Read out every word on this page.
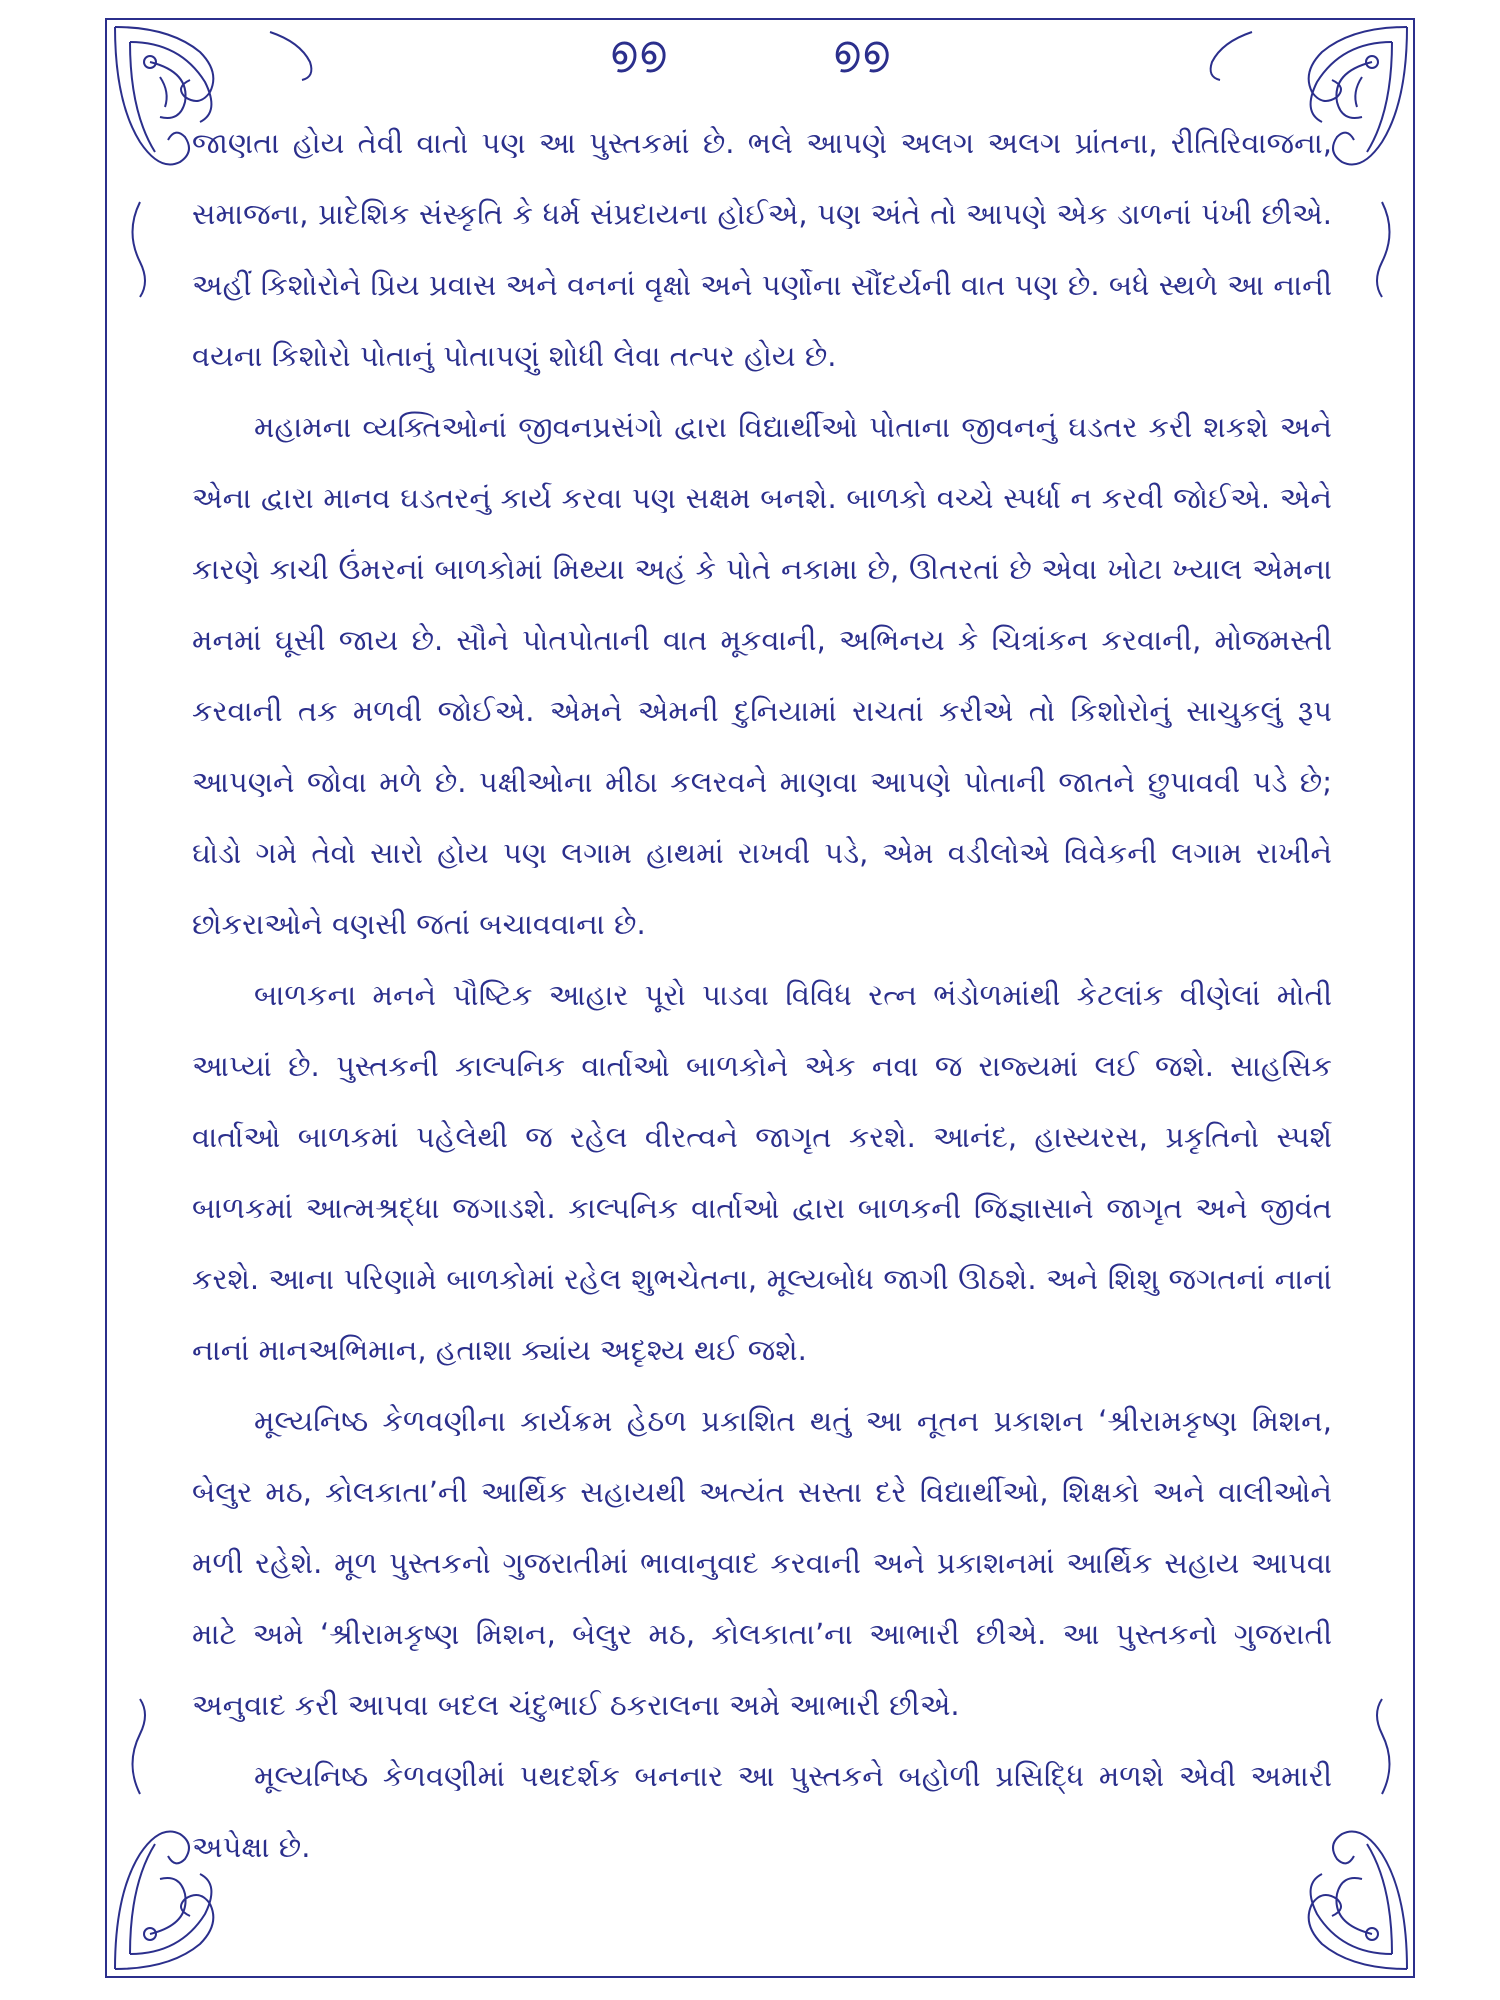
൭൭	൭൭

જાણતા હોય તેવી વાતો પણ આ પુસ્તકમાં છે. ભલે આપણે અલગ અલગ પ્રાંતના, રીતિરિવાજના, સમાજના, પ્રાદેશિક સંસ્કૃતિ કે ધર્મ સંપ્રદાયના હોઈએ, પણ અંતે તો આપણે એક ડાળનાં પંખી છીએ. અહીં કિશોરોને પ્રિય પ્રવાસ અને વનનાં વૃક્ષો અને પર્ણોના સૌંદર્યની વાત પણ છે. બધે સ્થળે આ નાની વયના કિશોરો પોતાનું પોતાપણું શોધી લેવા તત્પર હોય છે.

મહામના વ્યક્તિઓનાં જીવનપ્રસંગો દ્વારા વિદ્યાર્થીઓ પોતાના જીવનનું ઘડતર કરી શકશે અને એના દ્વારા માનવ ઘડતરનું કાર્ય કરવા પણ સક્ષમ બનશે. બાળકો વચ્ચે સ્પર્ધા ન કરવી જોઈએ. એને કારણે કાચી ઉંમરનાં બાળકોમાં મિથ્યા અહં કે પોતે નકામા છે, ઊતરતાં છે એવા ખોટા ખ્યાલ એમના મનમાં ઘૂસી જાય છે. સૌને પોતપોતાની વાત મૂકવાની, અભિનય કે ચિત્રાંકન કરવાની, મોજમસ્તી કરવાની તક મળવી જોઈએ. એમને એમની દુનિયામાં રાચતાં કરીએ તો કિશોરોનું સાચુકલું રૂપ આપણને જોવા મળે છે. પક્ષીઓના મીઠા કલરવને માણવા આપણે પોતાની જાતને છુપાવવી પડે છે; ઘોડો ગમે તેવો સારો હોય પણ લગામ હાથમાં રાખવી પડે, એમ વડીલોએ વિવેકની લગામ રાખીને છોકરાઓને વણસી જતાં બચાવવાના છે.

બાળકના મનને પૌષ્ટિક આહાર પૂરો પાડવા વિવિધ રત્ન ભંડોળમાંથી કેટલાંક વીણેલાં મોતી આપ્યાં છે. પુસ્તકની કાલ્પનિક વાર્તાઓ બાળકોને એક નવા જ રાજ્યમાં લઈ જશે. સાહસિક વાર્તાઓ બાળકમાં પહેલેથી જ રહેલ વીરત્વને જાગૃત કરશે. આનંદ, હાસ્યરસ, પ્રકૃતિનો સ્પર્શ બાળકમાં આત્મશ્રદ્ધા જગાડશે. કાલ્પનિક વાર્તાઓ દ્વારા બાળકની જિજ્ઞાસાને જાગૃત અને જીવંત કરશે. આના પરિણામે બાળકોમાં રહેલ શુભચેતના, મૂલ્યબોધ જાગી ઊઠશે. અને શિશુ જગતનાં નાનાં નાનાં માનઅભિમાન, હતાશા ક્યાંય અદૃશ્ય થઈ જશે.

મૂલ્યનિષ્ઠ કેળવણીના કાર્યક્રમ હેઠળ પ્રકાશિત થતું આ નૂતન પ્રકાશન ‘શ્રીરામકૃષ્ણ મિશન, બેલુર મઠ, કોલકાતા’ની આર્થિક સહાયથી અત્યંત સસ્તા દરે વિદ્યાર્થીઓ, શિક્ષકો અને વાલીઓને મળી રહેશે. મૂળ પુસ્તકનો ગુજરાતીમાં ભાવાનુવાદ કરવાની અને પ્રકાશનમાં આર્થિક સહાય આપવા માટે અમે ‘શ્રીરામકૃષ્ણ મિશન, બેલુર મઠ, કોલકાતા’ના આભારી છીએ. આ પુસ્તકનો ગુજરાતી અનુવાદ કરી આપવા બદલ ચંદુભાઈ ઠકરાલના અમે આભારી છીએ.

મૂલ્યનિષ્ઠ કેળવણીમાં પથદર્શક બનનાર આ પુસ્તકને બહોળી પ્રસિદ્ધિ મળશે એવી અમારી અપેક્ષા છે.
